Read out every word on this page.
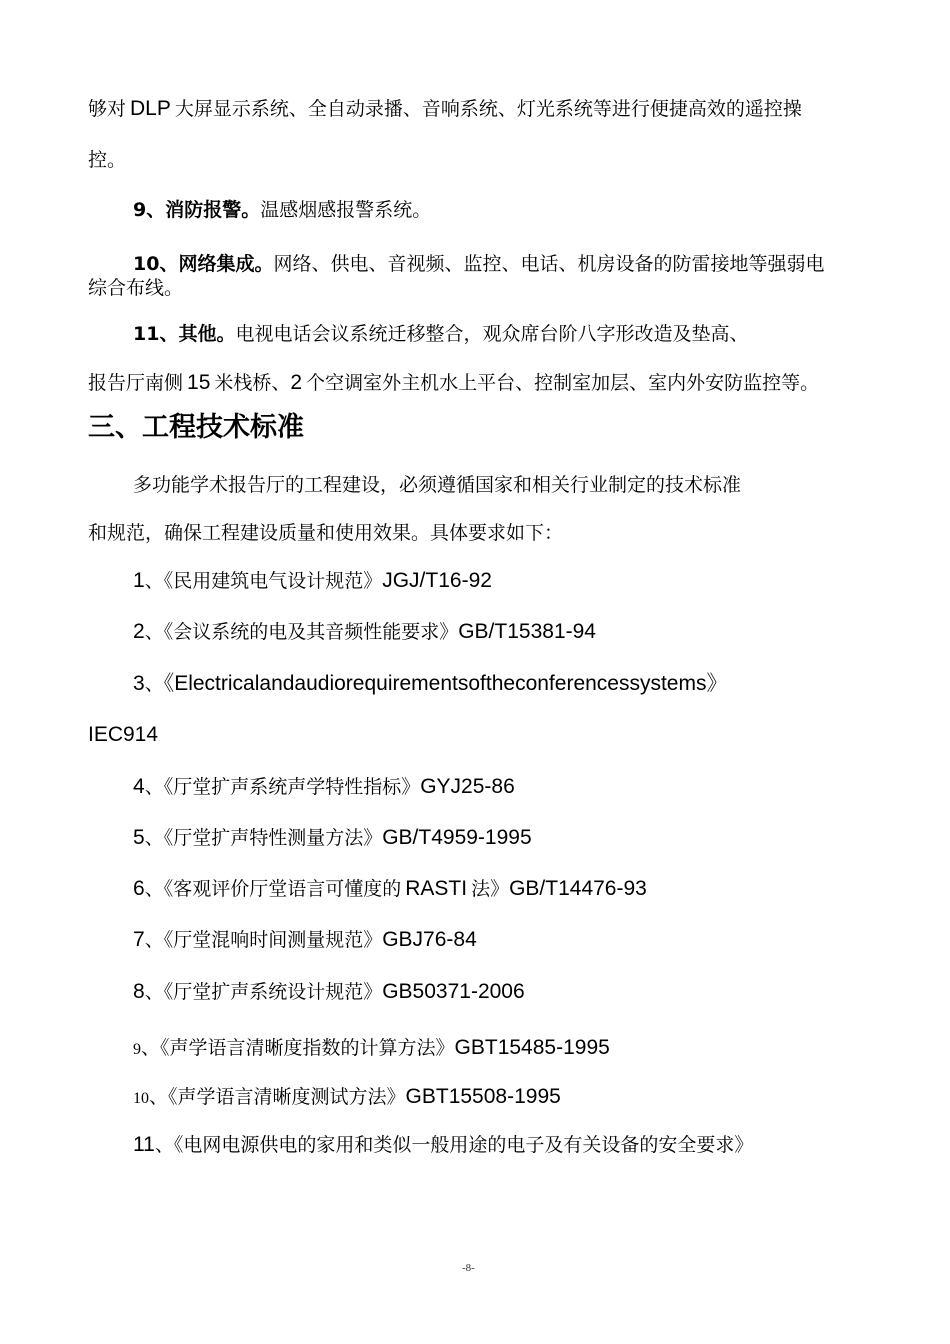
够对 DLP 大屏显示系统、全自动录播、音响系统、灯光系统等进行便捷高效的遥控操
控。
9、消防报警。温感烟感报警系统。
10、网络集成。网络、供电、音视频、监控、电话、机房设备的防雷接地等强弱电
综合布线。
11、其他。电视电话会议系统迁移整合，观众席台阶八字形改造及垫高、
报告厅南侧 15 米栈桥、2 个空调室外主机水上平台、控制室加层、室内外安防监控等。
三、工程技术标准
多功能学术报告厅的工程建设，必须遵循国家和相关行业制定的技术标准
和规范，确保工程建设质量和使用效果。具体要求如下：
1、《民用建筑电气设计规范》JGJ/T16-92
2、《会议系统的电及其音频性能要求》GB/T15381-94
3、《Electricalandaudiorequirementsoftheconferencessystems》
IEC914
4、《厅堂扩声系统声学特性指标》GYJ25-86
5、《厅堂扩声特性测量方法》GB/T4959-1995
6、《客观评价厅堂语言可懂度的 RASTI 法》GB/T14476-93
7、《厅堂混响时间测量规范》GBJ76-84
8、《厅堂扩声系统设计规范》GB50371-2006
9、《声学语言清晰度指数的计算方法》GBT15485-1995
10、《声学语言清晰度测试方法》GBT15508-1995
11、《电网电源供电的家用和类似一般用途的电子及有关设备的安全要求》
-8-
